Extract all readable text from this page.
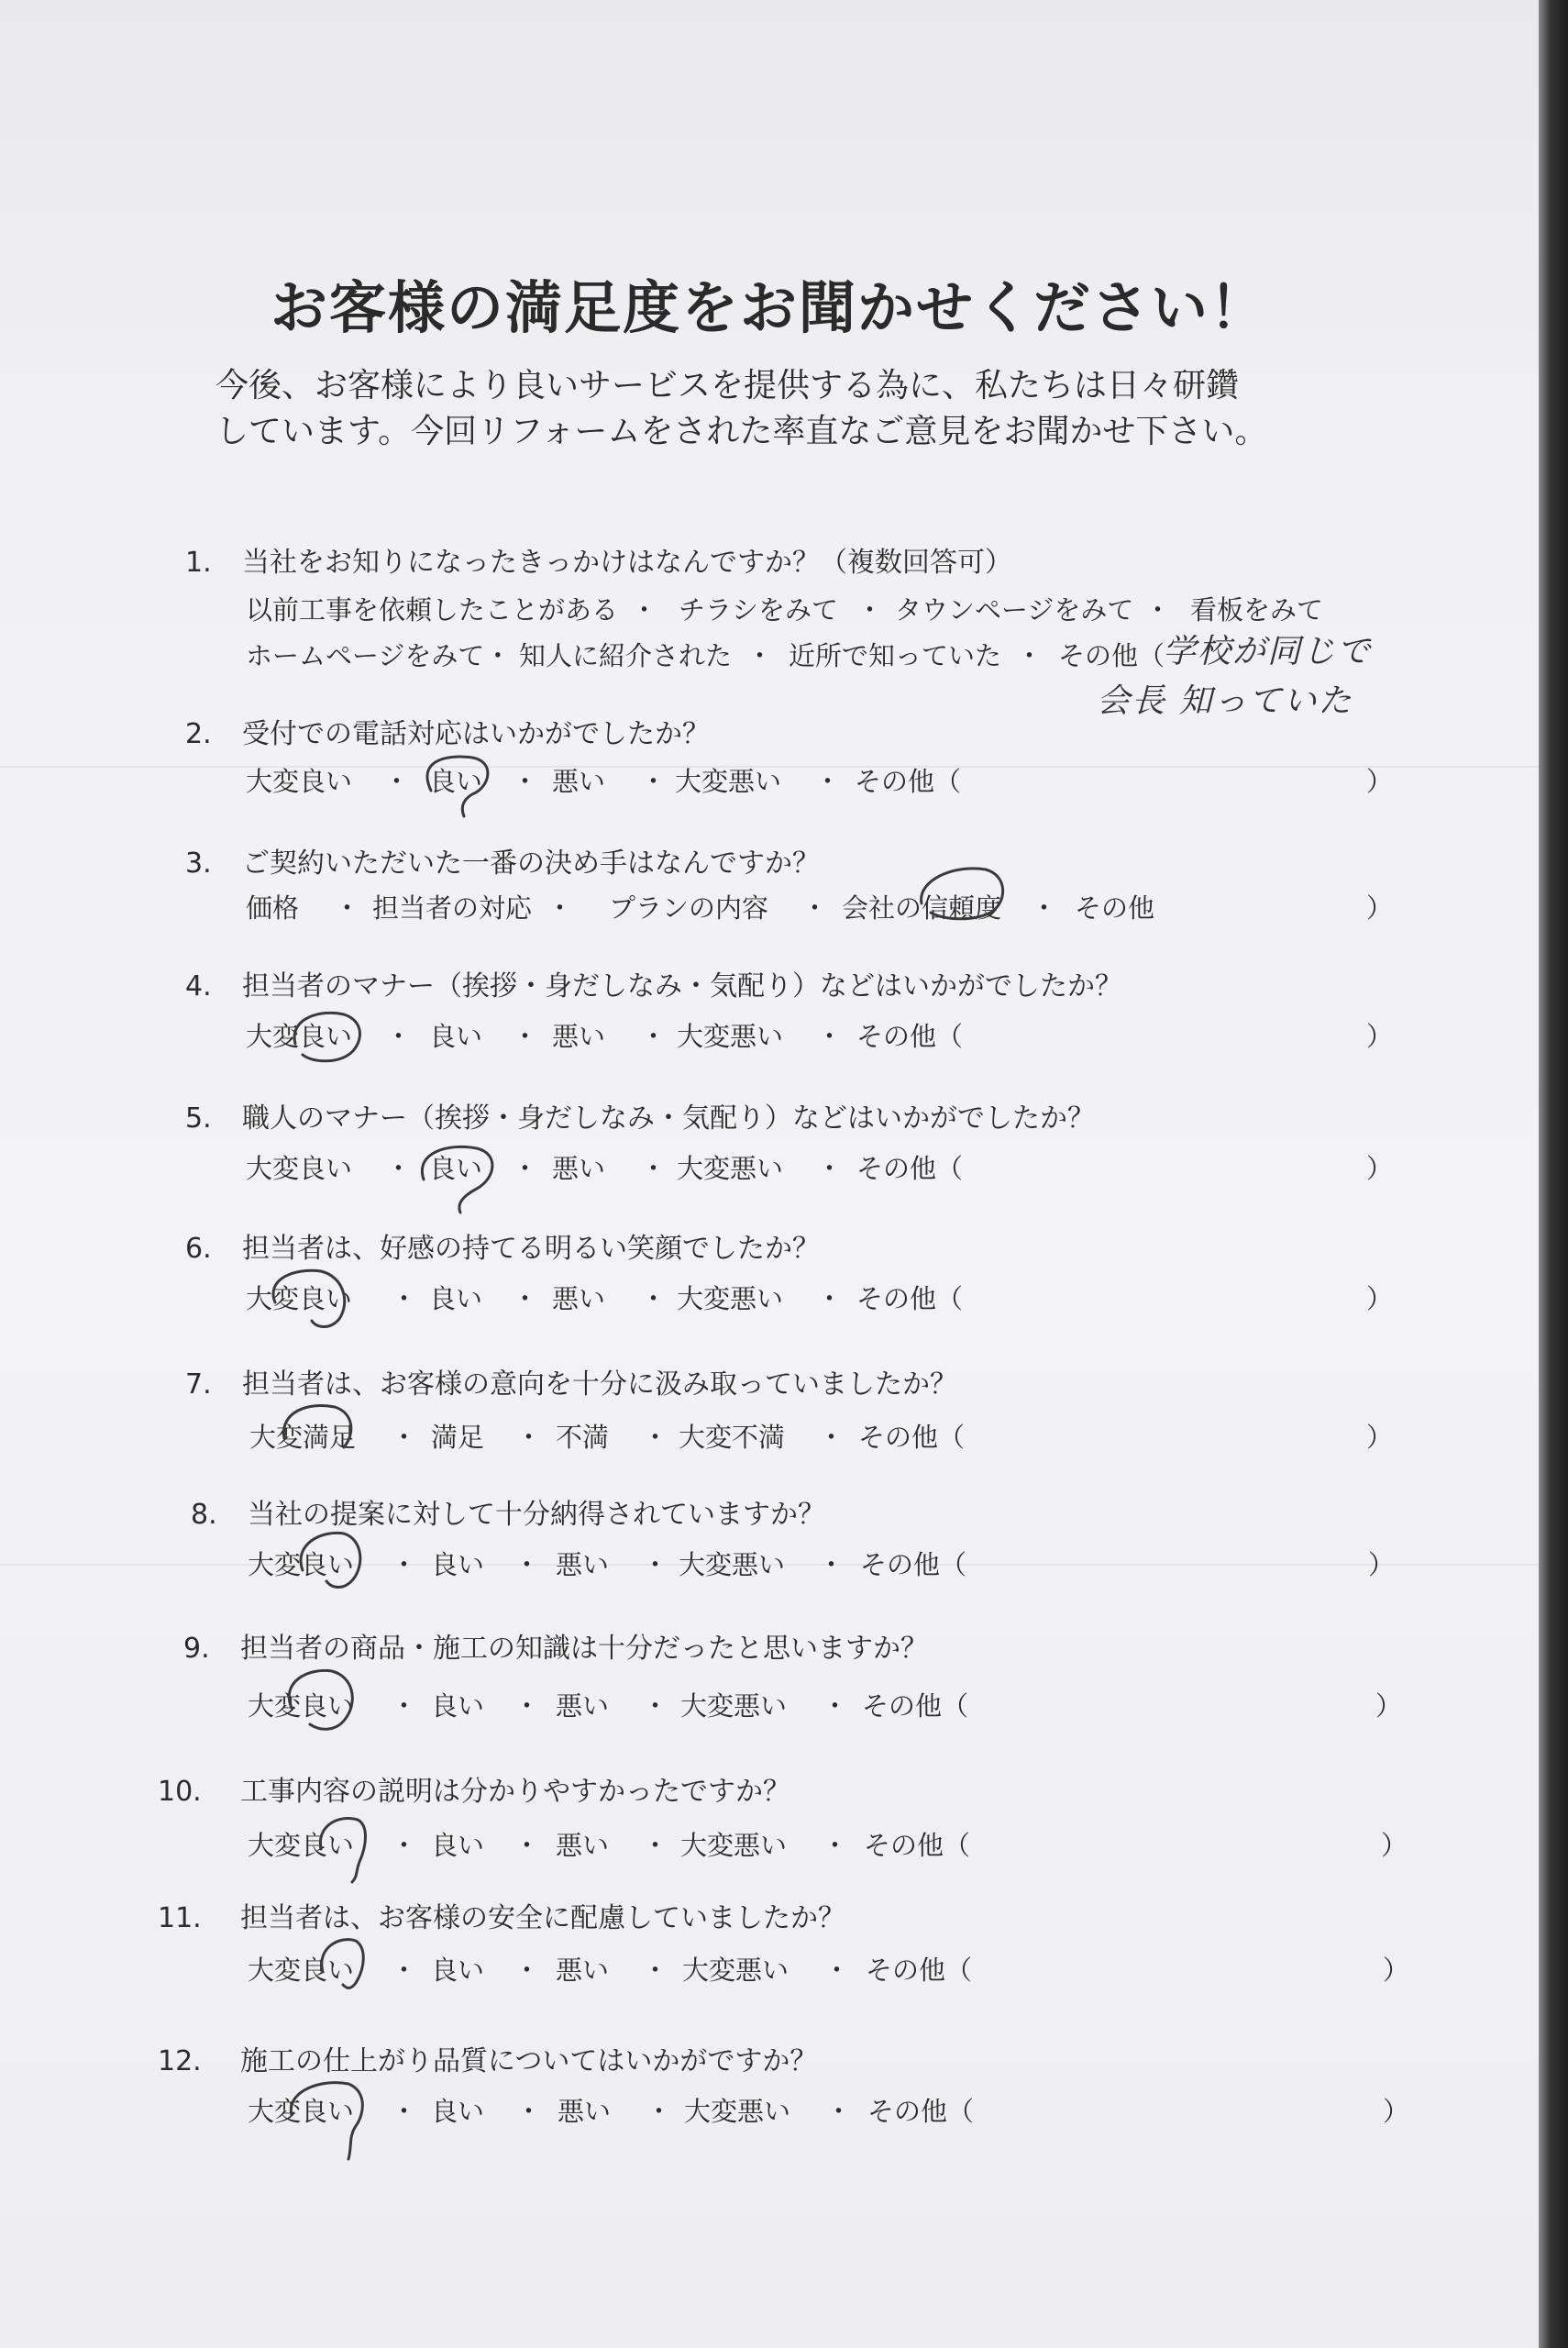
お客様の満足度をお聞かせください！
今後、お客様により良いサービスを提供する為に、私たちは日々研鑽
しています。今回リフォームをされた率直なご意見をお聞かせ下さい。
1. 当社をお知りになったきっかけはなんですか？（複数回答可）
以前工事を依頼したことがある ・ チラシをみて ・ タウンページをみて ・ 看板をみて
ホームページをみて・ 知人に紹介された ・ 近所で知っていた ・ その他（
学校が同じで
会長 知っていた
2. 受付での電話対応はいかがでしたか？
大変良い ・ 良い ・ 悪い ・ 大変悪い ・ その他（	）
3. ご契約いただいた一番の決め手はなんですか？
価格 ・ 担当者の対応 ・ プランの内容 ・ 会社の信頼度 ・ その他	）
4. 担当者のマナー（挨拶・身だしなみ・気配り）などはいかがでしたか？
大変良い ・ 良い ・ 悪い ・ 大変悪い ・ その他（	）
5. 職人のマナー（挨拶・身だしなみ・気配り）などはいかがでしたか？
大変良い ・ 良い ・ 悪い ・ 大変悪い ・ その他（	）
6. 担当者は、好感の持てる明るい笑顔でしたか？
大変良い ・ 良い ・ 悪い ・ 大変悪い ・ その他（	）
7. 担当者は、お客様の意向を十分に汲み取っていましたか？
大変満足 ・ 満足 ・ 不満 ・ 大変不満 ・ その他（	）
8. 当社の提案に対して十分納得されていますか？
大変良い ・ 良い ・ 悪い ・ 大変悪い ・ その他（	）
9. 担当者の商品・施工の知識は十分だったと思いますか？
大変良い ・ 良い ・ 悪い ・ 大変悪い ・ その他（	）
10. 工事内容の説明は分かりやすかったですか？
大変良い ・ 良い ・ 悪い ・ 大変悪い ・ その他（	）
11. 担当者は、お客様の安全に配慮していましたか？
大変良い ・ 良い ・ 悪い ・ 大変悪い ・ その他（	）
12. 施工の仕上がり品質についてはいかがですか？
大変良い ・ 良い ・ 悪い ・ 大変悪い ・ その他（	）
